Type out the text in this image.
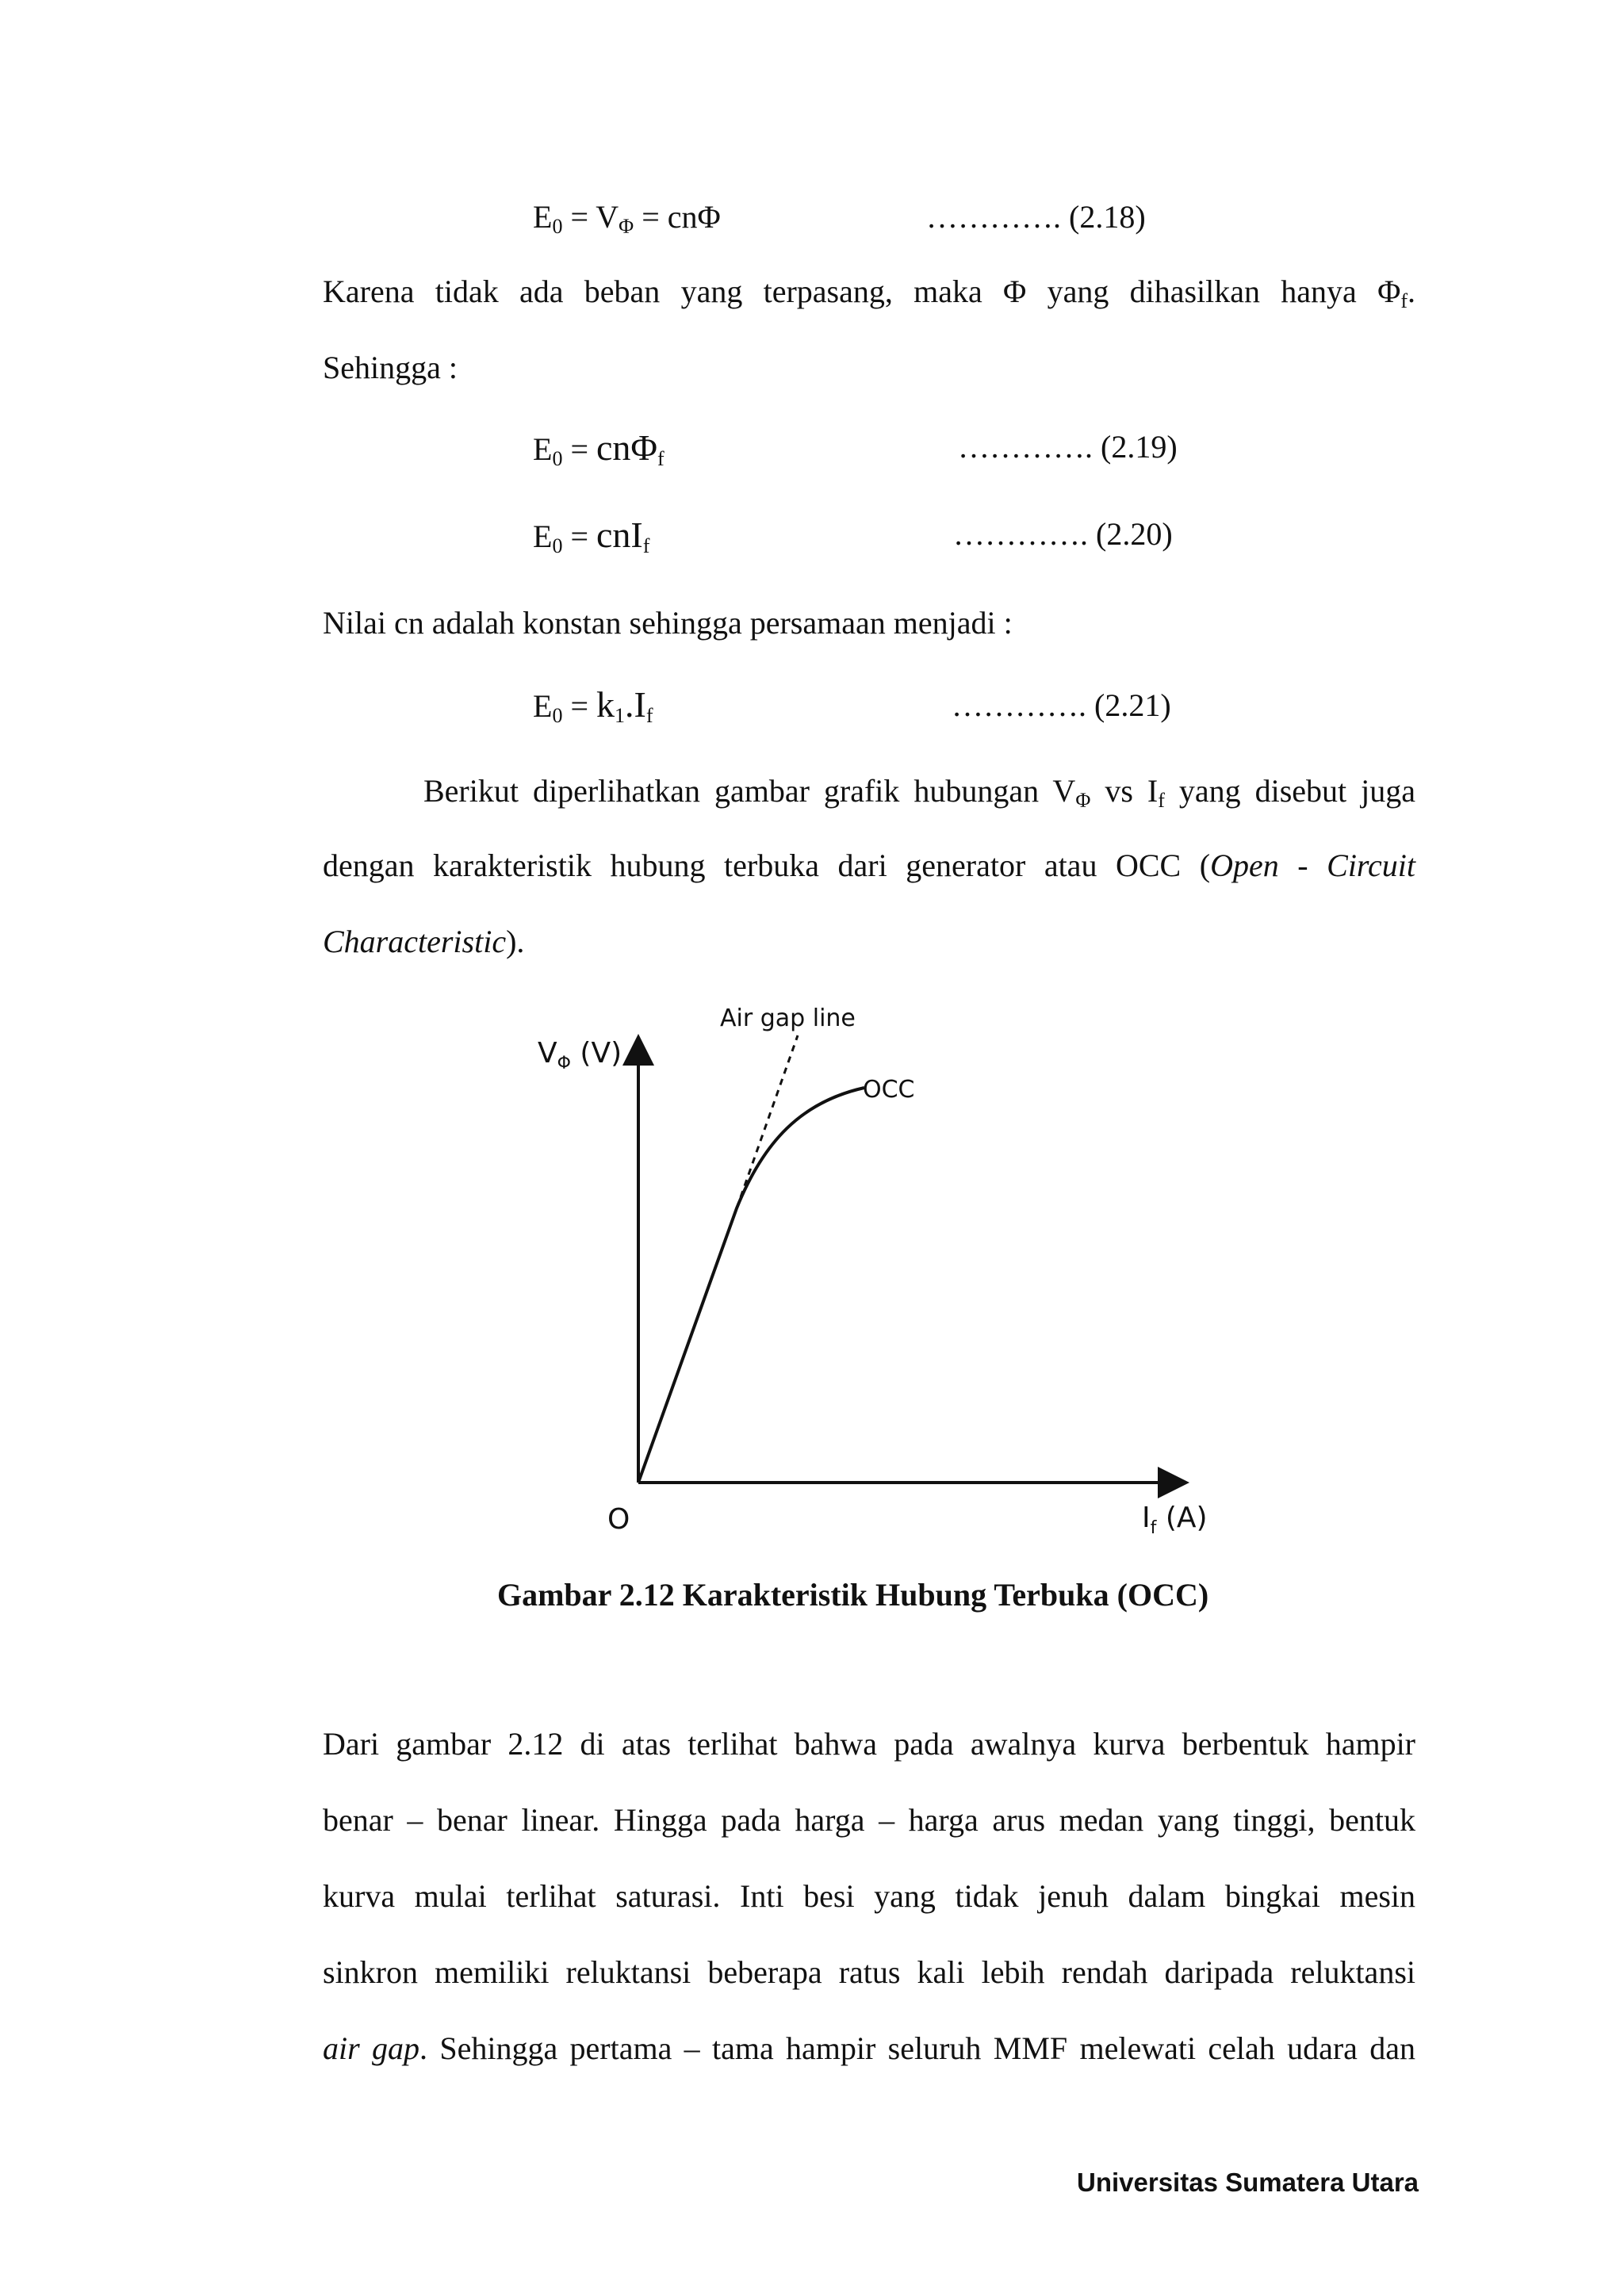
$E_0 = V_\Phi = cn\Phi$	…………. (2.18)
Karena tidak ada beban yang terpasang, maka Φ yang dihasilkan hanya $\Phi_f$.
Sehingga :
$E_0 = cn\Phi_f$	…………. (2.19)
$E_0 = cnI_f$	…………. (2.20)
Nilai cn adalah konstan sehingga persamaan menjadi :
$E_0 = k_1.I_f$	…………. (2.21)
Berikut diperlihatkan gambar grafik hubungan $V_\Phi$ vs $I_f$ yang disebut juga
dengan karakteristik hubung terbuka dari generator atau OCC (Open - Circuit
Characteristic).
$V_\Phi$ (V)
$I_f$ (A)
O
Air gap line
OCC
Gambar 2.12 Karakteristik Hubung Terbuka (OCC)
Dari gambar 2.12 di atas terlihat bahwa pada awalnya kurva berbentuk hampir
benar – benar linear. Hingga pada harga – harga arus medan yang tinggi, bentuk
kurva mulai terlihat saturasi. Inti besi yang tidak jenuh dalam bingkai mesin
sinkron memiliki reluktansi beberapa ratus kali lebih rendah daripada reluktansi
air gap. Sehingga pertama – tama hampir seluruh MMF melewati celah udara dan
Universitas Sumatera Utara
